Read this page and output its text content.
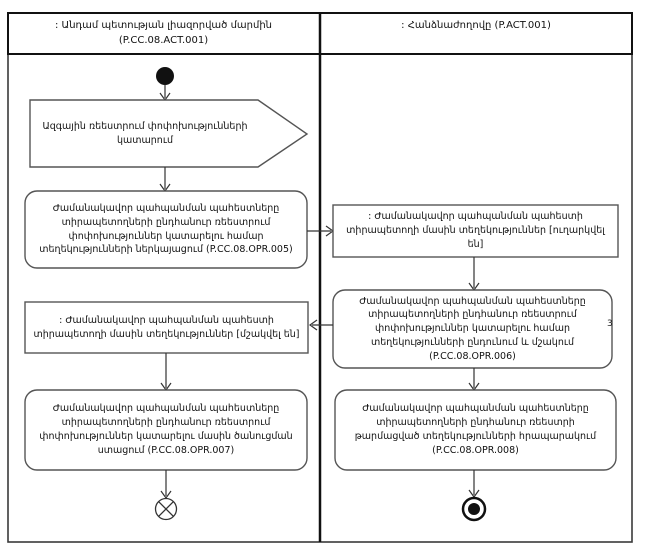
: Անդամ պետության լիազորված մարմին
(P.CC.08.ACT.001)
: Հանձնաժողովը (P.ACT.001)
Ազգային ռեեստրում փոփոխությունների կատարում
Ժամանակավոր պահպանման պահեստները տիրապետողների ընդհանուր ռեեստրում փոփոխություններ կատարելու համար տեղեկությունների ներկայացում (P.CC.08.OPR.005)
: Ժամանակավոր պահպանման պահեստի տիրապետողի մասին տեղեկություններ [ուղարկվել են]
Ժամանակավոր պահպանման պահեստները տիրապետողների ընդհանուր ռեեստրում փոփոխություններ կատարելու համար տեղեկությունների ընդունում և մշակում (P.CC.08.OPR.006)
3
: Ժամանակավոր պահպանման պահեստի տիրապետողի մասին տեղեկություններ [մշակվել են]
Ժամանակավոր պահպանման պահեստները տիրապետողների ընդհանուր ռեեստրում փոփոխություններ կատարելու մասին ծանուցման ստացում (P.CC.08.OPR.007)
Ժամանակավոր պահպանման պահեստները տիրապետողների ընդհանուր ռեեստրի թարմացված տեղեկությունների հրապարակում (P.CC.08.OPR.008)
